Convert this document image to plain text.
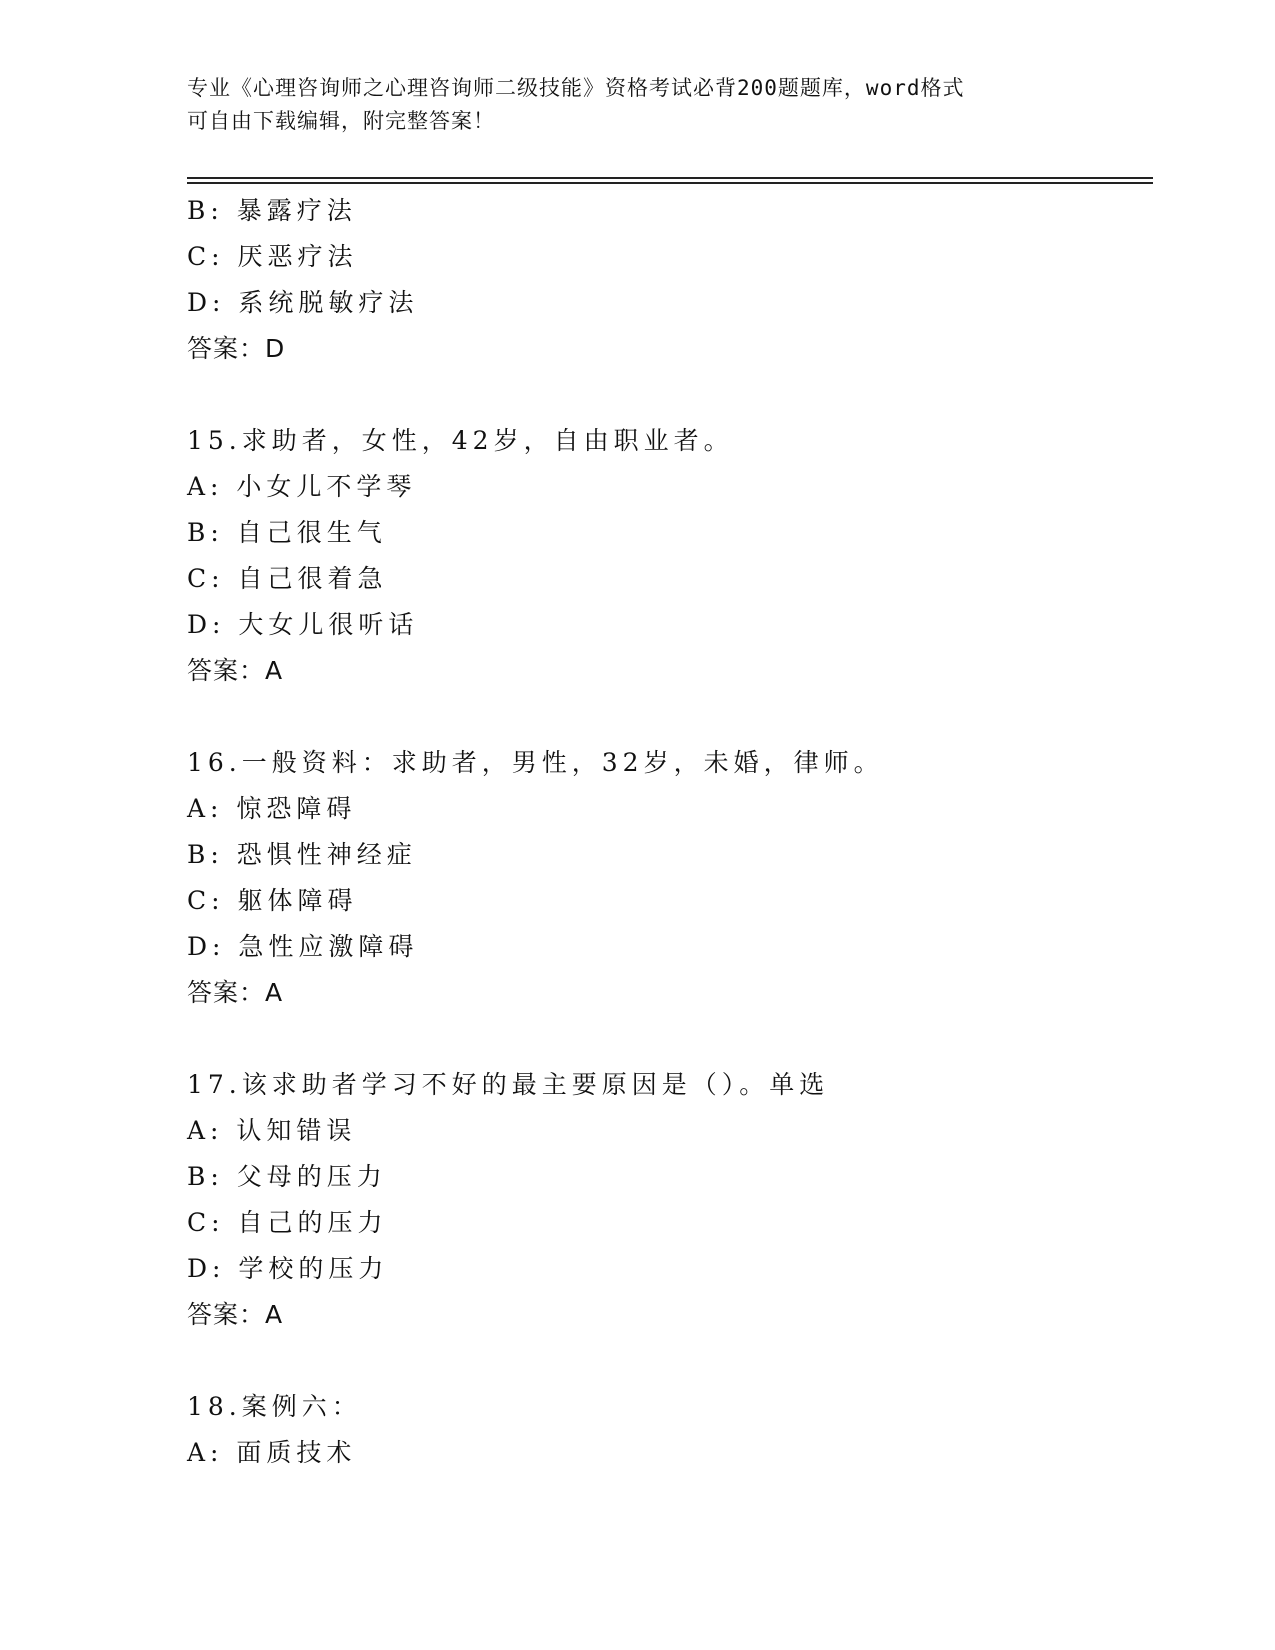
专业《心理咨询师之心理咨询师二级技能》资格考试必背200题题库，word格式
可自由下载编辑，附完整答案！
B: 暴露疗法
C: 厌恶疗法
D: 系统脱敏疗法
答案：D
15.求助者，女性，42岁，自由职业者。
A: 小女儿不学琴
B: 自己很生气
C: 自己很着急
D: 大女儿很听话
答案：A
16.一般资料：求助者，男性，32岁，未婚，律师。
A: 惊恐障碍
B: 恐惧性神经症
C: 躯体障碍
D: 急性应激障碍
答案：A
17.该求助者学习不好的最主要原因是（）。单选
A: 认知错误
B: 父母的压力
C: 自己的压力
D: 学校的压力
答案：A
18.案例六：
A: 面质技术
